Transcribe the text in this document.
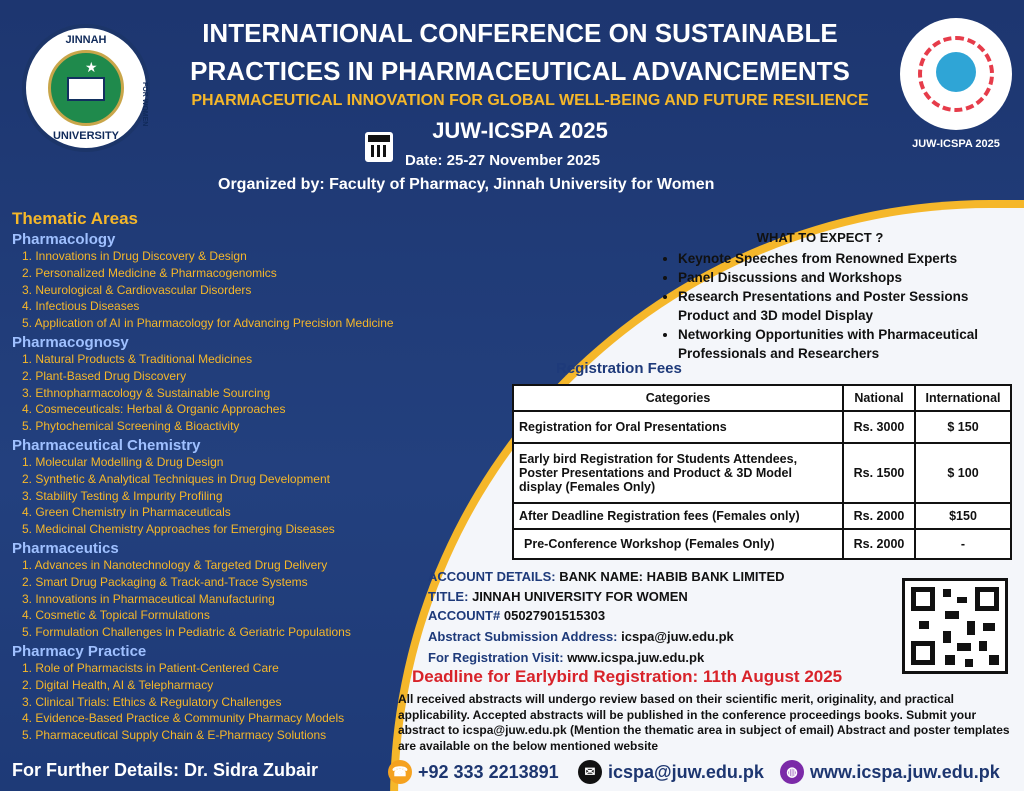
JINNAH
★
UNIVERSITY
FOR WOMEN
JUW-ICSPA 2025
INTERNATIONAL CONFERENCE ON SUSTAINABLE
PRACTICES IN PHARMACEUTICAL ADVANCEMENTS
PHARMACEUTICAL INNOVATION FOR GLOBAL WELL-BEING AND FUTURE RESILIENCE
JUW-ICSPA 2025
Date: 25-27 November 2025
Organized by: Faculty of Pharmacy, Jinnah University for Women
Thematic Areas
Pharmacology
1. Innovations in Drug Discovery & Design
2. Personalized Medicine & Pharmacogenomics
3. Neurological & Cardiovascular Disorders
4. Infectious Diseases
5. Application of AI in Pharmacology for Advancing Precision Medicine
Pharmacognosy
1. Natural Products & Traditional Medicines
2. Plant-Based Drug Discovery
3. Ethnopharmacology & Sustainable Sourcing
4. Cosmeceuticals: Herbal & Organic Approaches
5. Phytochemical Screening & Bioactivity
Pharmaceutical Chemistry
1. Molecular Modelling & Drug Design
2. Synthetic & Analytical Techniques in Drug Development
3. Stability Testing & Impurity Profiling
4. Green Chemistry in Pharmaceuticals
5. Medicinal Chemistry Approaches for Emerging Diseases
Pharmaceutics
1. Advances in Nanotechnology & Targeted Drug Delivery
2. Smart Drug Packaging & Track-and-Trace Systems
3. Innovations in Pharmaceutical Manufacturing
4. Cosmetic & Topical Formulations
5. Formulation Challenges in Pediatric & Geriatric Populations
Pharmacy Practice
1. Role of Pharmacists in Patient-Centered Care
2. Digital Health, AI & Telepharmacy
3. Clinical Trials: Ethics & Regulatory Challenges
4. Evidence-Based Practice & Community Pharmacy Models
5. Pharmaceutical Supply Chain & E-Pharmacy Solutions
For Further Details: Dr. Sidra Zubair
WHAT TO EXPECT ?
• Keynote Speeches from Renowned Experts
• Panel Discussions and Workshops
• Research Presentations and Poster Sessions Product and 3D model Display
• Networking Opportunities with Pharmaceutical Professionals and Researchers
Registration Fees
Categories	National	International
Registration for Oral Presentations	Rs. 3000	$ 150
Early bird Registration for Students Attendees, Poster Presentations and Product & 3D Model display (Females Only)	Rs. 1500	$ 100
After Deadline Registration fees (Females only)	Rs. 2000	$150
Pre-Conference Workshop (Females Only)	Rs. 2000	-
ACCOUNT DETAILS: BANK NAME: HABIB BANK LIMITED
TITLE: JINNAH UNIVERSITY FOR WOMEN
ACCOUNT# 05027901515303
Abstract Submission Address: icspa@juw.edu.pk
For Registration Visit: www.icspa.juw.edu.pk
Deadline for Earlybird Registration: 11th August 2025
All received abstracts will undergo review based on their scientific merit, originality, and practical applicability. Accepted abstracts will be published in the conference proceedings books. Submit your abstract to icspa@juw.edu.pk (Mention the thematic area in subject of email) Abstract and poster templates are available on the below mentioned website
☎ +92 333 2213891	✉ icspa@juw.edu.pk	◍ www.icspa.juw.edu.pk
